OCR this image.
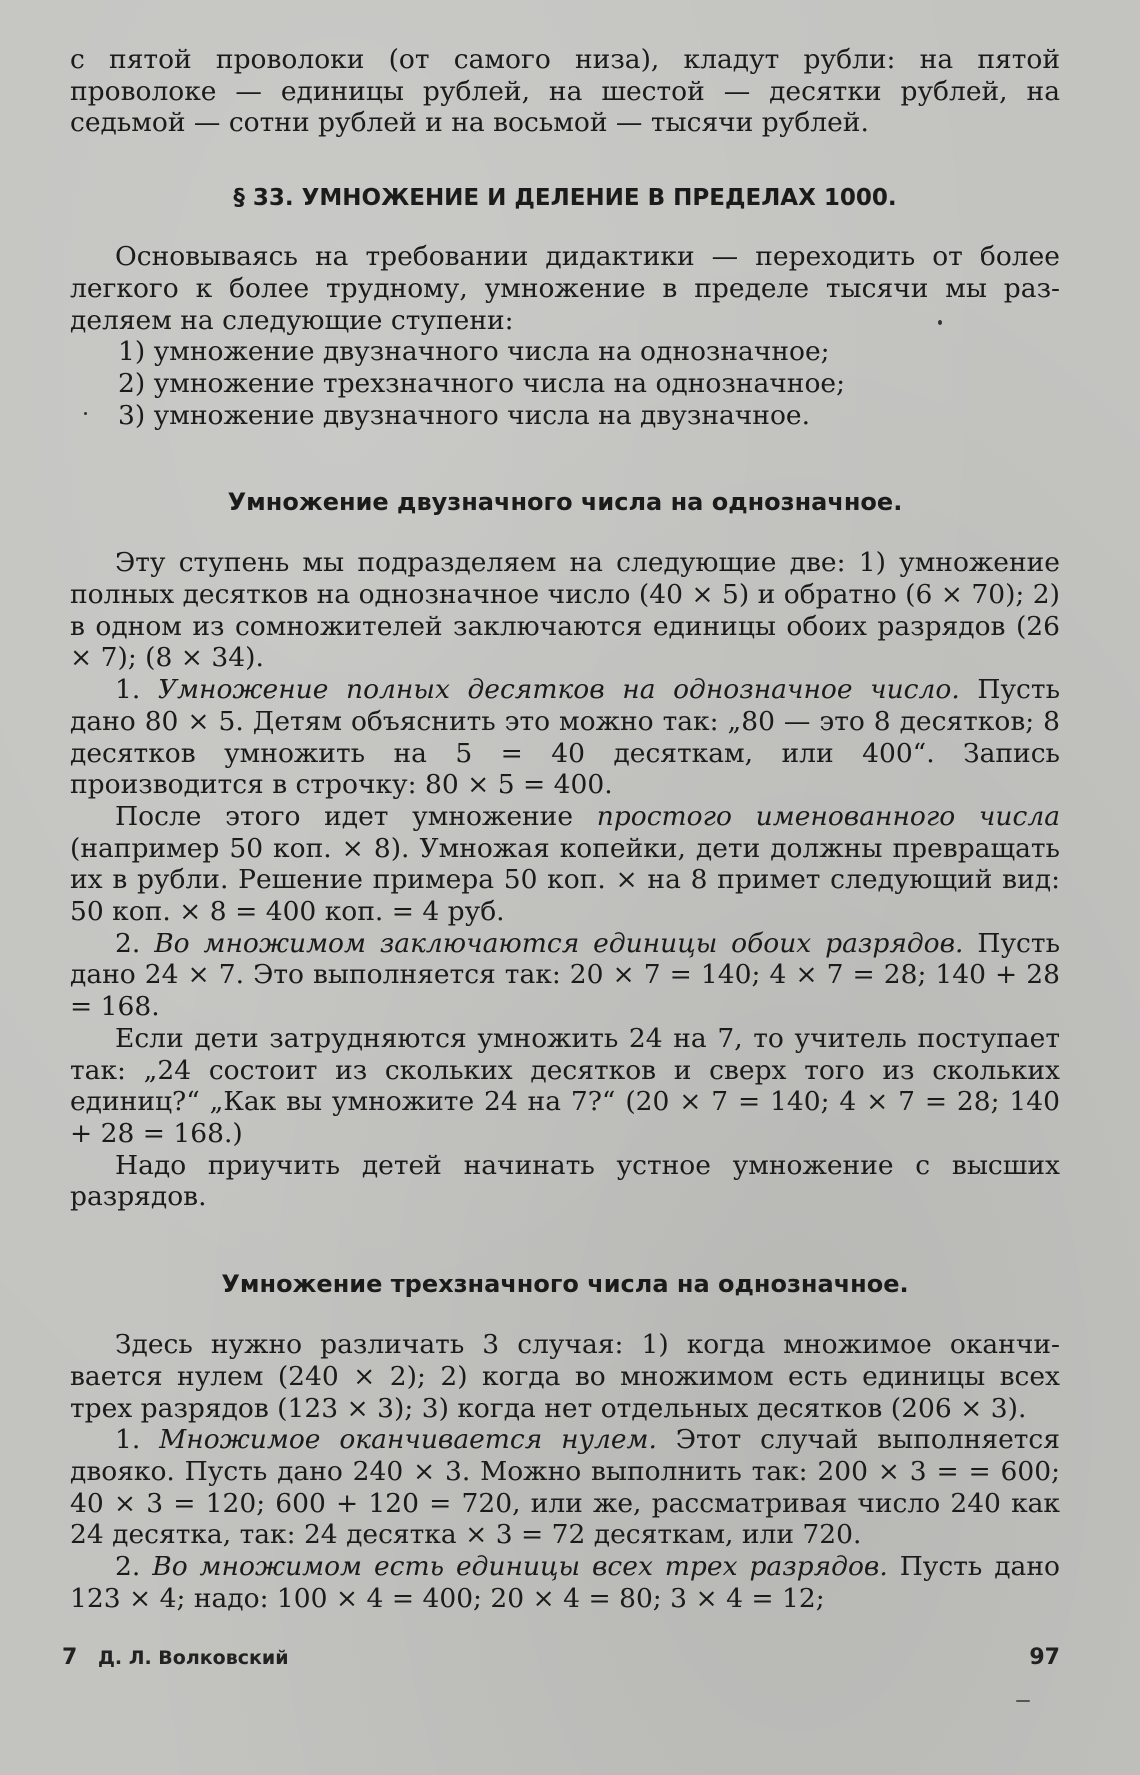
с пятой проволоки (от самого низа), кладут рубли: на пятой проволоке — единицы рублей, на шестой — десятки рублей, на седьмой — сотни рублей и на восьмой — тысячи рублей.

§ 33. УМНОЖЕНИЕ И ДЕЛЕНИЕ В ПРЕДЕЛАХ 1000.

Основываясь на требовании дидактики — переходить от более легкого к более трудному, умножение в пределе тысячи мы разделяем на следующие ступени:

1) умножение двузначного числа на однозначное;

2) умножение трехзначного числа на однозначное;

3) умножение двузначного числа на двузначное.

Умножение двузначного числа на однозначное.

Эту ступень мы подразделяем на следующие две: 1) умножение полных десятков на однозначное число (40 × 5) и обратно (6 × 70); 2) в одном из сомножителей заключаются единицы обоих разрядов (26 × 7); (8 × 34).

1. Умножение полных десятков на однозначное число. Пусть дано 80 × 5. Детям объяснить это можно так: „80 — это 8 десятков; 8 десятков умножить на 5 = 40 десяткам, или 400“. Запись производится в строчку: 80 × 5 = 400.

После этого идет умножение простого именованного числа (например 50 коп. × 8). Умножая копейки, дети должны превращать их в рубли. Решение примера 50 коп. × на 8 примет следующий вид: 50 коп. × 8 = 400 коп. = 4 руб.

2. Во множимом заключаются единицы обоих разрядов. Пусть дано 24 × 7. Это выполняется так: 20 × 7 = 140; 4 × 7 = 28; 140 + 28 = 168.

Если дети затрудняются умножить 24 на 7, то учитель поступает так: „24 состоит из скольких десятков и сверх того из скольких единиц?“ „Как вы умножите 24 на 7?“ (20 × 7 = 140; 4 × 7 = 28; 140 + 28 = 168.)

Надо приучить детей начинать устное умножение с высших разрядов.

Умножение трехзначного числа на однозначное.

Здесь нужно различать 3 случая: 1) когда множимое оканчивается нулем (240 × 2); 2) когда во множимом есть единицы всех трех разрядов (123 × 3); 3) когда нет отдельных десятков (206 × 3).

1. Множимое оканчивается нулем. Этот случай выполняется двояко. Пусть дано 240 × 3. Можно выполнить так: 200 × 3 = = 600; 40 × 3 = 120; 600 + 120 = 720, или же, рассматривая число 240 как 24 десятка, так: 24 десятка × 3 = 72 десяткам, или 720.

2. Во множимом есть единицы всех трех разрядов. Пусть дано 123 × 4; надо: 100 × 4 = 400; 20 × 4 = 80; 3 × 4 = 12;

7 Д. Л. Волковский	97
